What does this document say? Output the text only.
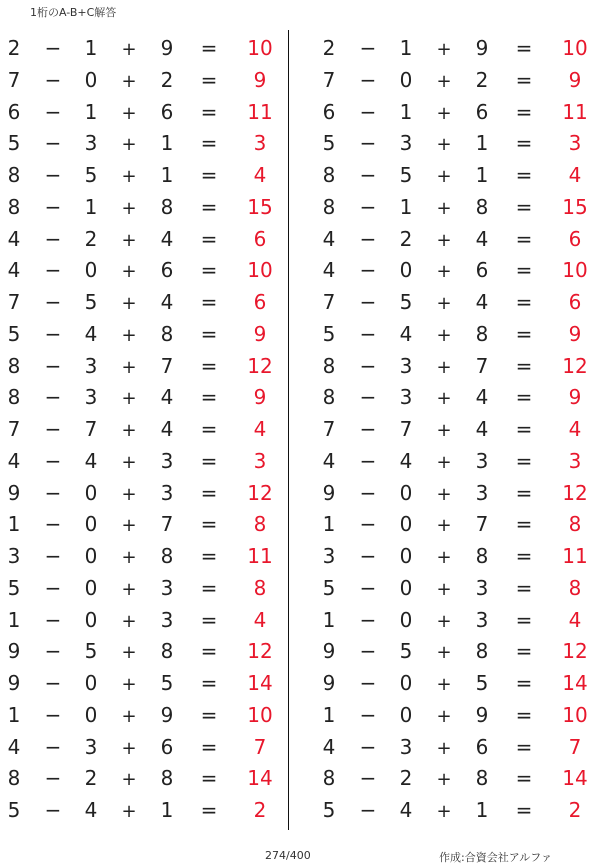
1桁のA-B+C解答
2 − 1	+ 9 = 10
7 − 0	+ 2 =	9
6 − 1	+ 6 = 11
5 − 3	+ 1 =	3
8 − 5	+ 1 =	4
8 − 1	+ 8 = 15
4 − 2	+ 4 =	6
4 − 0	+ 6 = 10
7 − 5	+ 4 =	6
5 − 4	+ 8 =	9
8 − 3	+ 7 = 12
8 − 3	+ 4 =	9
7 − 7	+ 4 =	4
4 − 4	+ 3 =	3
9 − 0	+ 3 = 12
1 − 0	+ 7 =	8
3 − 0	+ 8 = 11
5 − 0	+ 3 =	8
1 − 0	+ 3 =	4
9 − 5	+ 8 = 12
9 − 0	+ 5 = 14
1 − 0	+ 9 = 10
4 − 3	+ 6 =	7
8 − 2	+ 8 = 14
5 − 4	+ 1 =	2
2 − 1	+ 9 = 10
7 − 0	+ 2 =	9
6 − 1	+ 6 = 11
5 − 3	+ 1 =	3
8 − 5	+ 1 =	4
8 − 1	+ 8 = 15
4 − 2	+ 4 =	6
4 − 0	+ 6 = 10
7 − 5	+ 4 =	6
5 − 4	+ 8 =	9
8 − 3	+ 7 = 12
8 − 3	+ 4 =	9
7 − 7	+ 4 =	4
4 − 4	+ 3 =	3
9 − 0	+ 3 = 12
1 − 0	+ 7 =	8
3 − 0	+ 8 = 11
5 − 0	+ 3 =	8
1 − 0	+ 3 =	4
9 − 5	+ 8 = 12
9 − 0	+ 5 = 14
1 − 0	+ 9 = 10
4 − 3	+ 6 =	7
8 − 2	+ 8 = 14
5 − 4	+ 1 =	2
274/400	作成:合資会社アルファ
